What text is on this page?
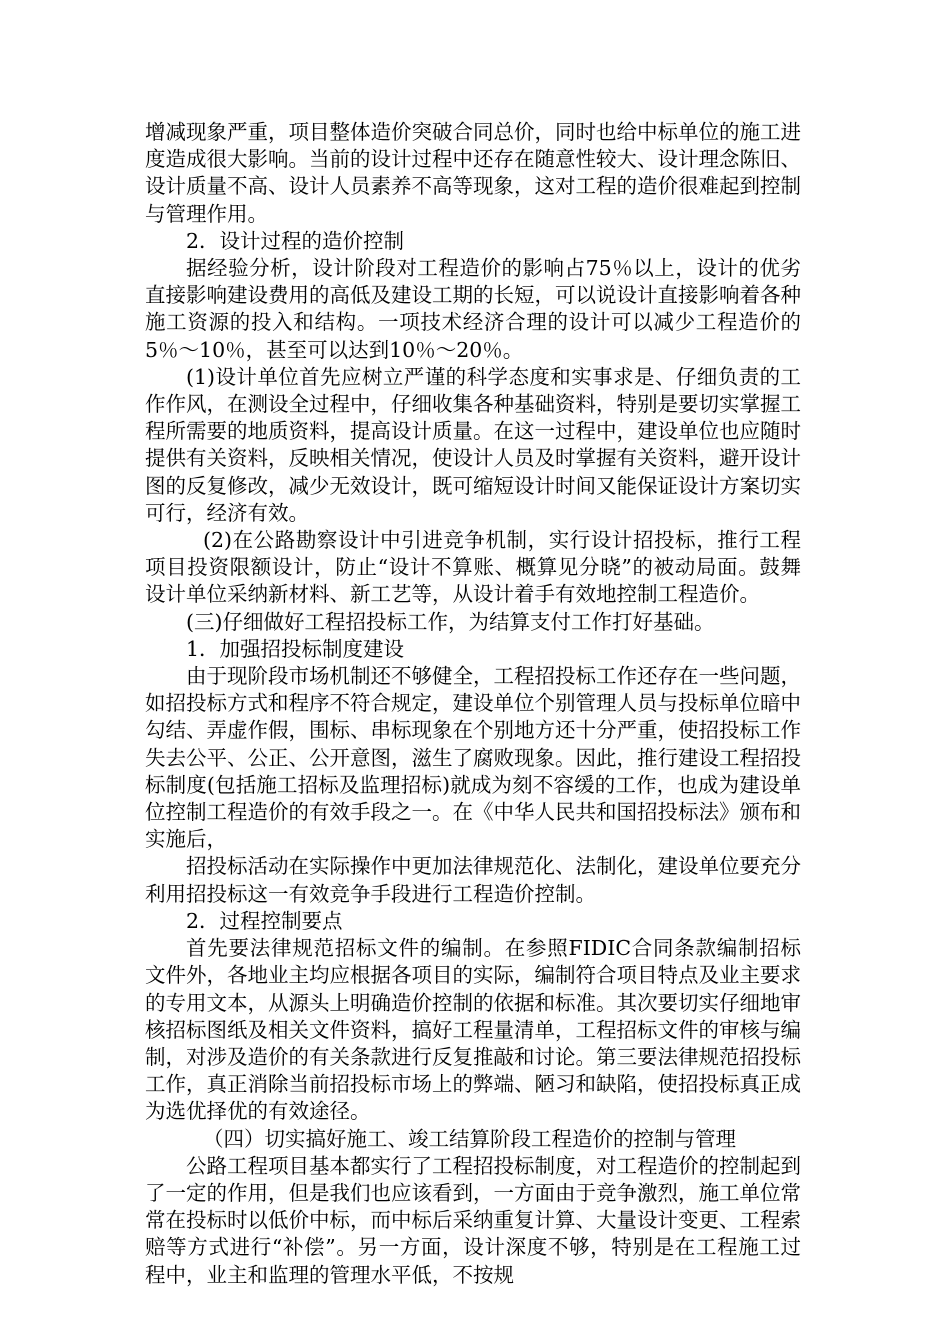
增减现象严重，项目整体造价突破合同总价，同时也给中标单位的施工进度造成很大影响。当前的设计过程中还存在随意性较大、设计理念陈旧、设计质量不高、设计人员素养不高等现象，这对工程的造价很难起到控制与管理作用。

2．设计过程的造价控制

据经验分析，设计阶段对工程造价的影响占75％以上，设计的优劣直接影响建设费用的高低及建设工期的长短，可以说设计直接影响着各种施工资源的投入和结构。一项技术经济合理的设计可以减少工程造价的5％～10％，甚至可以达到10％～20％。

(1)设计单位首先应树立严谨的科学态度和实事求是、仔细负责的工作作风，在测设全过程中，仔细收集各种基础资料，特别是要切实掌握工程所需要的地质资料，提高设计质量。在这一过程中，建设单位也应随时提供有关资料，反映相关情况，使设计人员及时掌握有关资料，避开设计图的反复修改，减少无效设计，既可缩短设计时间又能保证设计方案切实可行，经济有效。

(2)在公路勘察设计中引进竞争机制，实行设计招投标，推行工程项目投资限额设计，防止“设计不算账、概算见分晓”的被动局面。鼓舞设计单位采纳新材料、新工艺等，从设计着手有效地控制工程造价。

(三)仔细做好工程招投标工作，为结算支付工作打好基础。

1．加强招投标制度建设

由于现阶段市场机制还不够健全，工程招投标工作还存在一些问题，如招投标方式和程序不符合规定，建设单位个别管理人员与投标单位暗中勾结、弄虚作假，围标、串标现象在个别地方还十分严重，使招投标工作失去公平、公正、公开意图，滋生了腐败现象。因此，推行建设工程招投标制度(包括施工招标及监理招标)就成为刻不容缓的工作，也成为建设单位控制工程造价的有效手段之一。在《中华人民共和国招投标法》颁布和实施后，

招投标活动在实际操作中更加法律规范化、法制化，建设单位要充分利用招投标这一有效竞争手段进行工程造价控制。

2．过程控制要点

首先要法律规范招标文件的编制。在参照FIDIC合同条款编制招标文件外，各地业主均应根据各项目的实际，编制符合项目特点及业主要求的专用文本，从源头上明确造价控制的依据和标准。其次要切实仔细地审核招标图纸及相关文件资料，搞好工程量清单，工程招标文件的审核与编制，对涉及造价的有关条款进行反复推敲和讨论。第三要法律规范招投标工作，真正消除当前招投标市场上的弊端、陋习和缺陷，使招投标真正成为选优择优的有效途径。

（四）切实搞好施工、竣工结算阶段工程造价的控制与管理

公路工程项目基本都实行了工程招投标制度，对工程造价的控制起到了一定的作用，但是我们也应该看到，一方面由于竞争激烈，施工单位常常在投标时以低价中标，而中标后采纳重复计算、大量设计变更、工程索赔等方式进行“补偿”。另一方面，设计深度不够，特别是在工程施工过程中，业主和监理的管理水平低，不按规
